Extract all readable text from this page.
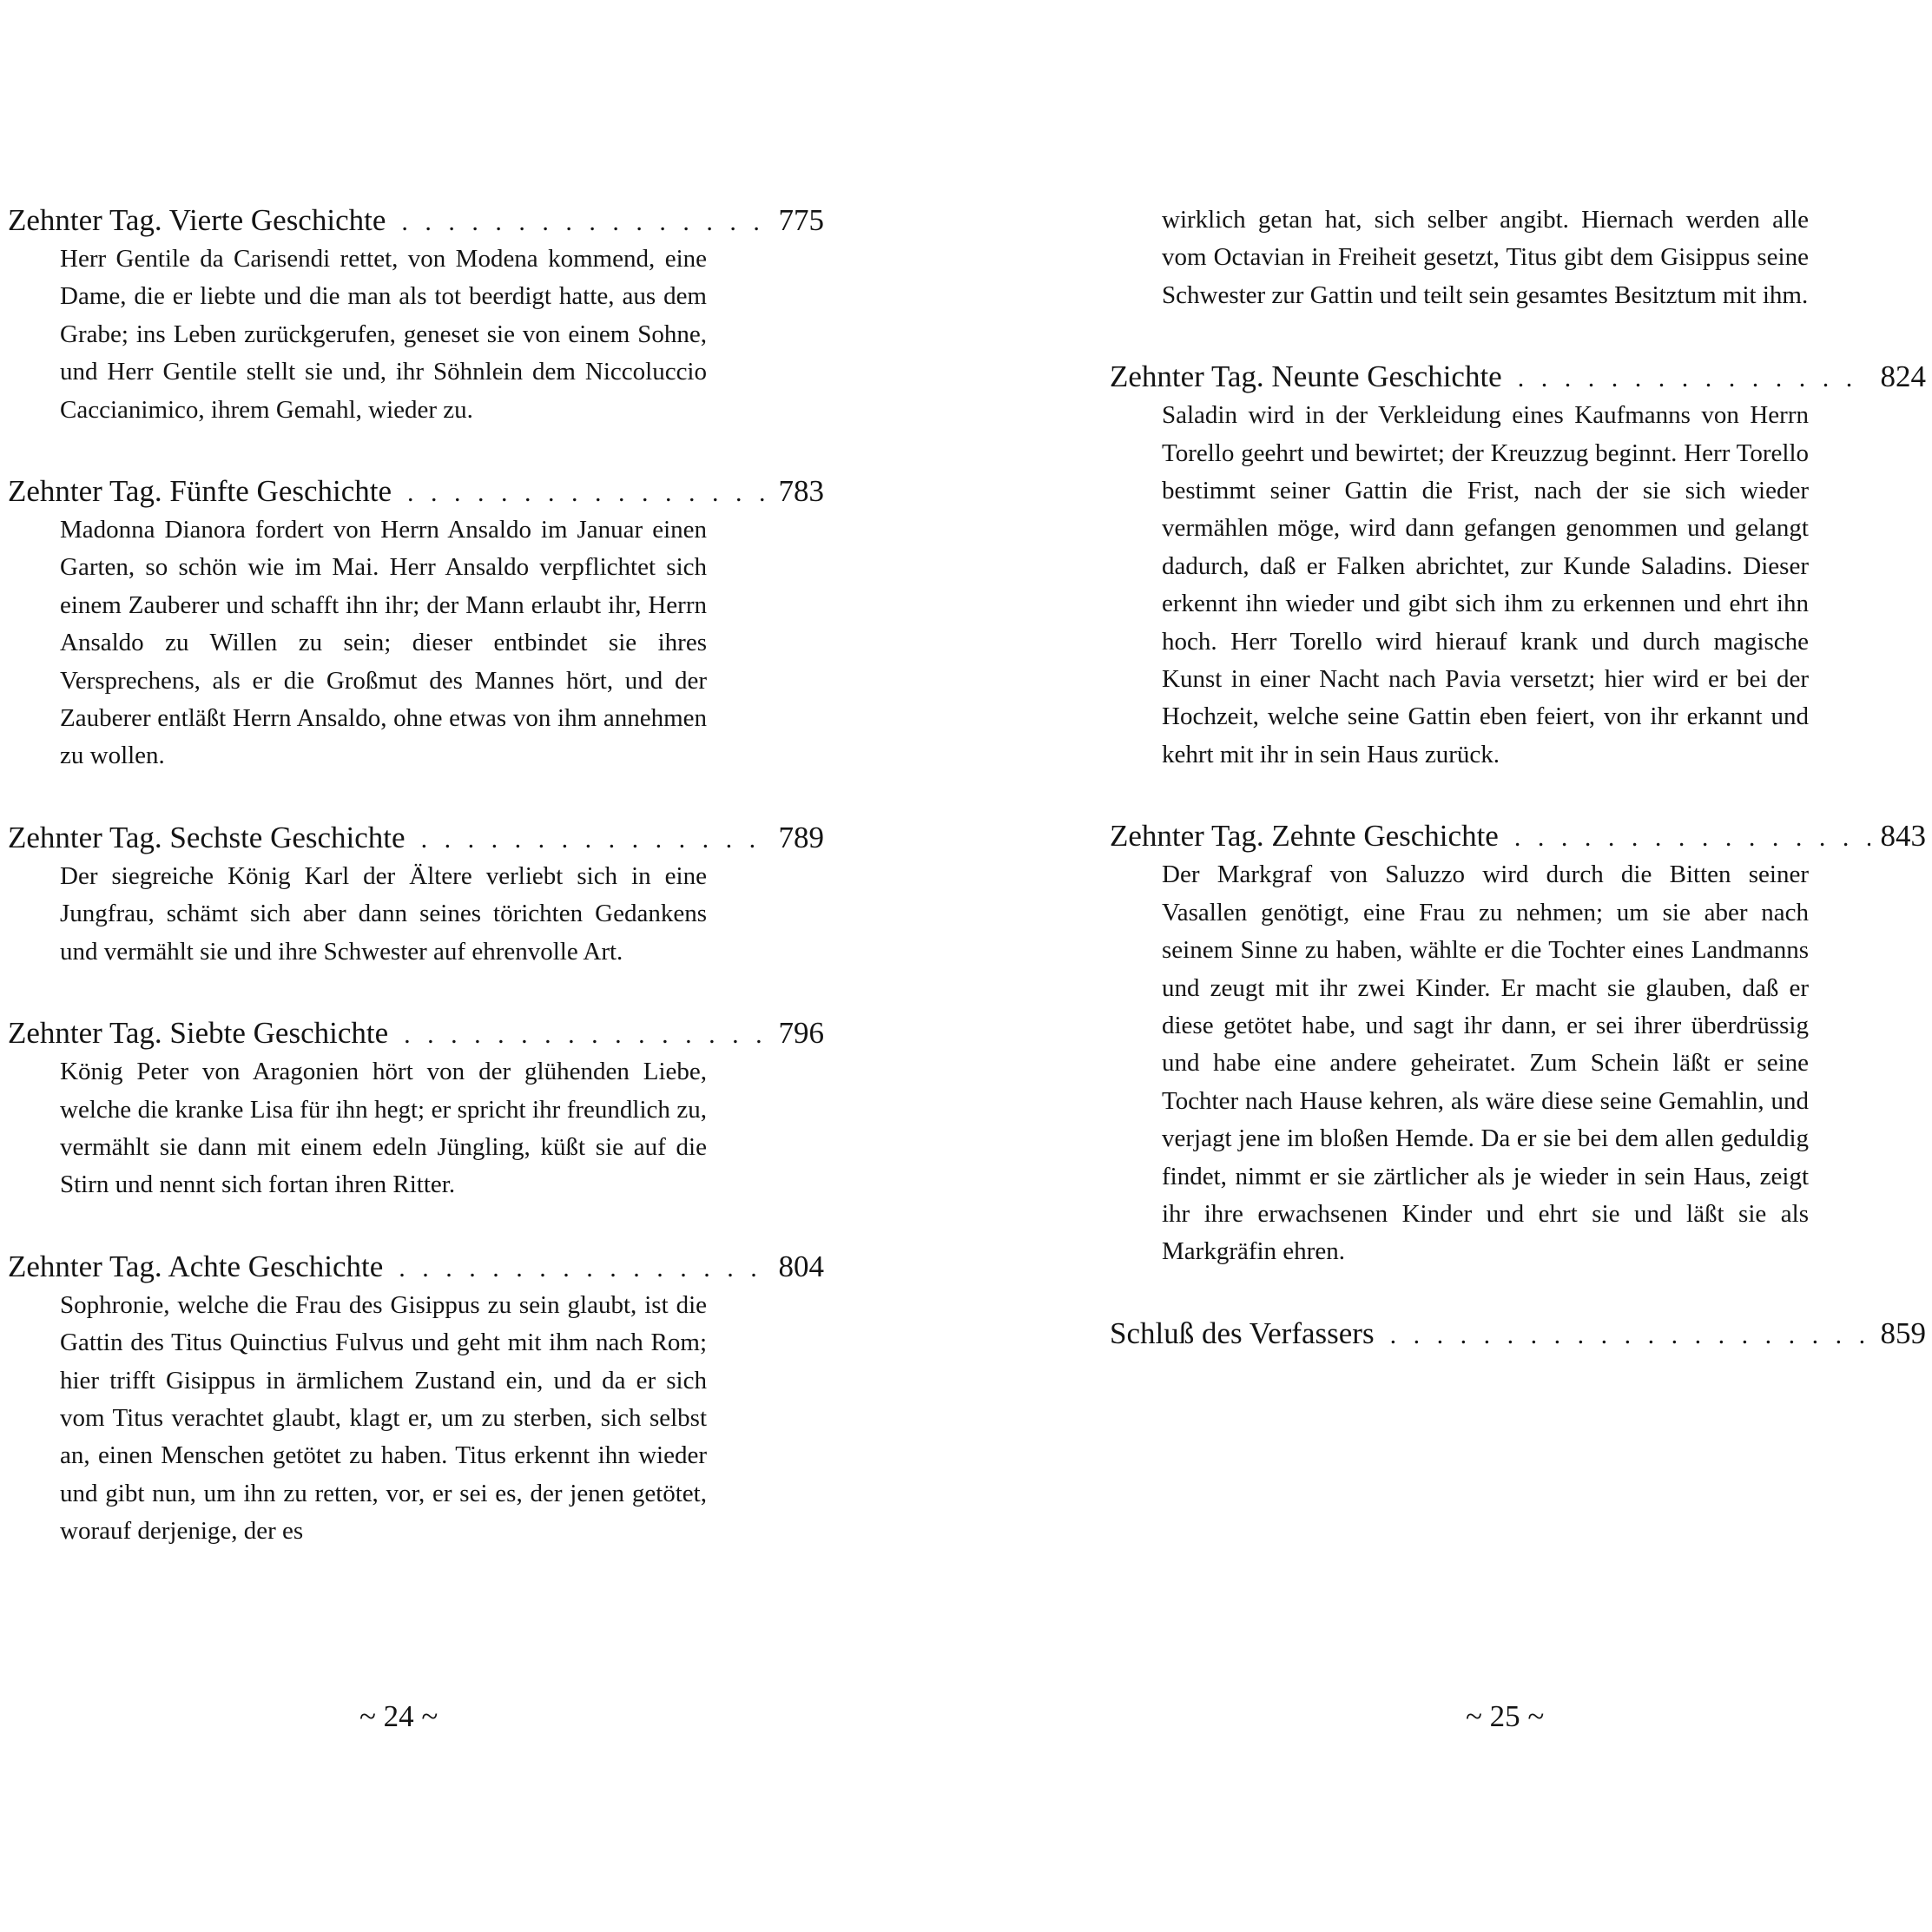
Zehnter Tag. Vierte Geschichte . . .	775

Herr Gentile da Carisendi rettet, von Modena kommend, eine Dame, die er liebte und die man als tot beerdigt hatte, aus dem Grabe; ins Leben zurückgerufen, geneset sie von einem Sohne, und Herr Gentile stellt sie und, ihr Söhnlein dem Niccoluccio Caccianimico, ihrem Gemahl, wieder zu.

Zehnter Tag. Fünfte Geschichte . . .	783

Madonna Dianora fordert von Herrn Ansaldo im Januar einen Garten, so schön wie im Mai. Herr Ansaldo verpflichtet sich einem Zauberer und schafft ihn ihr; der Mann erlaubt ihr, Herrn Ansaldo zu Willen zu sein; dieser entbindet sie ihres Versprechens, als er die Großmut des Mannes hört, und der Zauberer entläßt Herrn Ansaldo, ohne etwas von ihm annehmen zu wollen.

Zehnter Tag. Sechste Geschichte . . .	789

Der siegreiche König Karl der Ältere verliebt sich in eine Jungfrau, schämt sich aber dann seines törichten Gedankens und vermählt sie und ihre Schwester auf ehrenvolle Art.

Zehnter Tag. Siebte Geschichte . . .	796

König Peter von Aragonien hört von der glühenden Liebe, welche die kranke Lisa für ihn hegt; er spricht ihr freundlich zu, vermählt sie dann mit einem edeln Jüngling, küßt sie auf die Stirn und nennt sich fortan ihren Ritter.

Zehnter Tag. Achte Geschichte . . .	804

Sophronie, welche die Frau des Gisippus zu sein glaubt, ist die Gattin des Titus Quinctius Fulvus und geht mit ihm nach Rom; hier trifft Gisippus in ärmlichem Zustand ein, und da er sich vom Titus verachtet glaubt, klagt er, um zu sterben, sich selbst an, einen Menschen getötet zu haben. Titus erkennt ihn wieder und gibt nun, um ihn zu retten, vor, er sei es, der jenen getötet, worauf derjenige, der es

~ 24 ~

wirklich getan hat, sich selber angibt. Hiernach werden alle vom Octavian in Freiheit gesetzt, Titus gibt dem Gisippus seine Schwester zur Gattin und teilt sein gesamtes Besitztum mit ihm.

Zehnter Tag. Neunte Geschichte . . .	824

Saladin wird in der Verkleidung eines Kaufmanns von Herrn Torello geehrt und bewirtet; der Kreuzzug beginnt. Herr Torello bestimmt seiner Gattin die Frist, nach der sie sich wieder vermählen möge, wird dann gefangen genommen und gelangt dadurch, daß er Falken abrichtet, zur Kunde Saladins. Dieser erkennt ihn wieder und gibt sich ihm zu erkennen und ehrt ihn hoch. Herr Torello wird hierauf krank und durch magische Kunst in einer Nacht nach Pavia versetzt; hier wird er bei der Hochzeit, welche seine Gattin eben feiert, von ihr erkannt und kehrt mit ihr in sein Haus zurück.

Zehnter Tag. Zehnte Geschichte . . .	843

Der Markgraf von Saluzzo wird durch die Bitten seiner Vasallen genötigt, eine Frau zu nehmen; um sie aber nach seinem Sinne zu haben, wählte er die Tochter eines Landmanns und zeugt mit ihr zwei Kinder. Er macht sie glauben, daß er diese getötet habe, und sagt ihr dann, er sei ihrer überdrüssig und habe eine andere geheiratet. Zum Schein läßt er seine Tochter nach Hause kehren, als wäre diese seine Gemahlin, und verjagt jene im bloßen Hemde. Da er sie bei dem allen geduldig findet, nimmt er sie zärtlicher als je wieder in sein Haus, zeigt ihr ihre erwachsenen Kinder und ehrt sie und läßt sie als Markgräfin ehren.

Schluß des Verfassers . . .	859
~ 25 ~
